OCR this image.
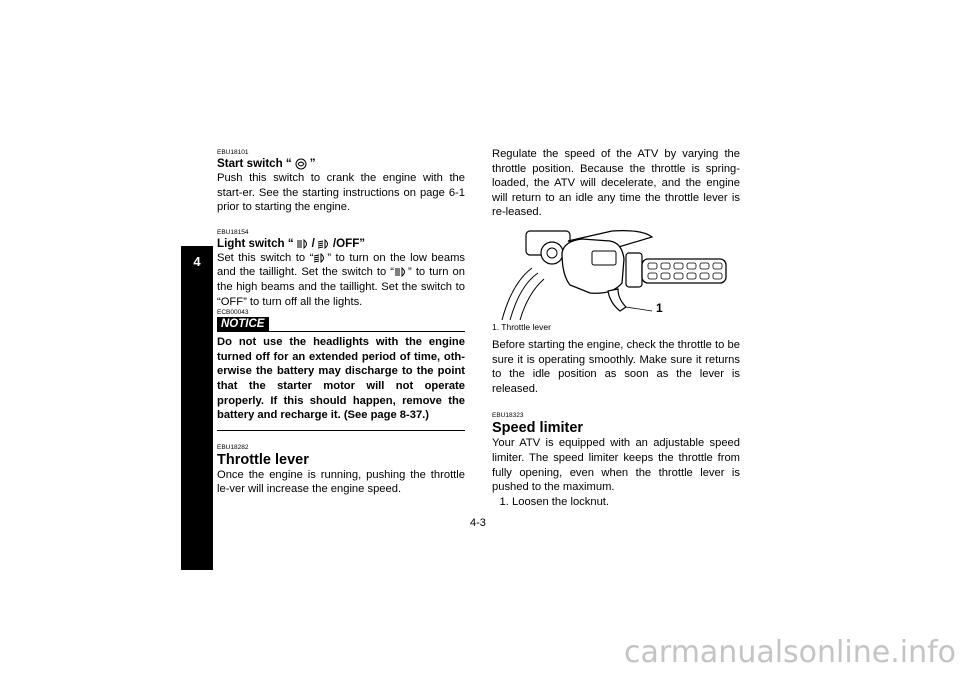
4
EBU18101
Start switch “ ”

Push this switch to crank the engine with the start-er. See the starting instructions on page 6-1 prior to starting the engine.

EBU18154
Light switch “ / /OFF”

Set this switch to “ ” to turn on the low beams and the taillight. Set the switch to “ ” to turn on the high beams and the taillight. Set the switch to “OFF” to turn off all the lights.

ECB00043
NOTICE

Do not use the headlights with the engine turned off for an extended period of time, oth-erwise the battery may discharge to the point that the starter motor will not operate properly. If this should happen, remove the battery and recharge it. (See page 8-37.)

EBU18282
Throttle lever

Once the engine is running, pushing the throttle le-ver will increase the engine speed.

Regulate the speed of the ATV by varying the throttle position. Because the throttle is spring-loaded, the ATV will decelerate, and the engine will return to an idle any time the throttle lever is re-leased.

1
1. Throttle lever

Before starting the engine, check the throttle to be sure it is operating smoothly. Make sure it returns to the idle position as soon as the lever is released.

EBU18323
Speed limiter

Your ATV is equipped with an adjustable speed limiter. The speed limiter keeps the throttle from fully opening, even when the throttle lever is pushed to the maximum.

1. Loosen the locknut.
4-3
carmanualsonline.info
